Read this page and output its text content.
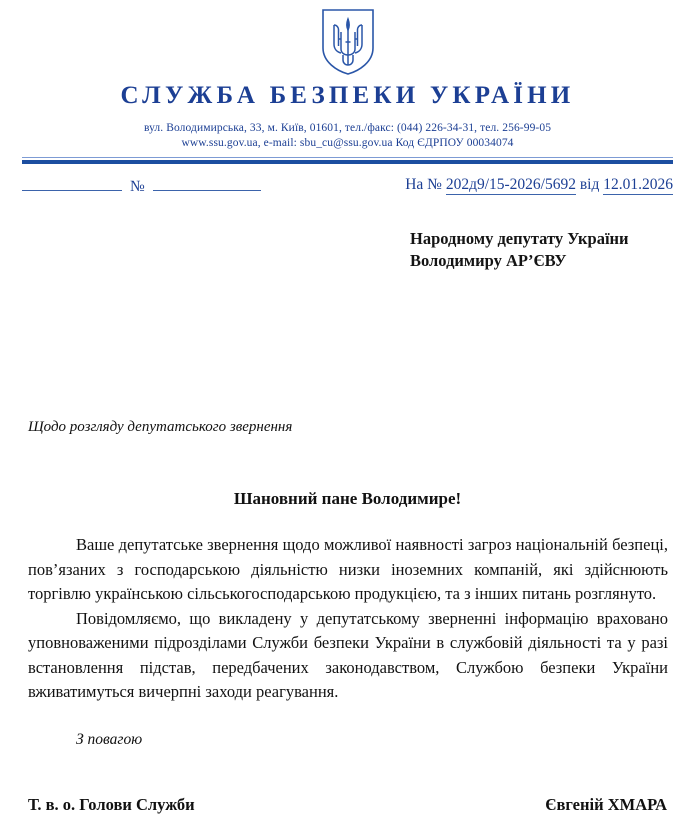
СЛУЖБА БЕЗПЕКИ УКРАЇНИ
вул. Володимирська, 33, м. Київ, 01601, тел./факс: (044) 226-34-31, тел. 256-99-05
www.ssu.gov.ua, e-mail: sbu_cu@ssu.gov.ua Код ЄДРПОУ 00034074
№	На № 202д9/15-2026/5692 від 12.01.2026
Народному депутату України
Володимиру АР’ЄВУ
Щодо розгляду депутатського звернення
Шановний пане Володимире!

Ваше депутатське звернення щодо можливої наявності загроз національній безпеці, пов’язаних з господарською діяльністю низки іноземних компаній, які здійснюють торгівлю українською сільськогосподарською продукцією, та з інших питань розглянуто.

Повідомляємо, що викладену у депутатському зверненні інформацію враховано уповноваженими підрозділами Служби безпеки України в службовій діяльності та у разі встановлення підстав, передбачених законодавством, Службою безпеки України вживатимуться вичерпні заходи реагування.

З повагою
Т. в. о. Голови Служби	Євгеній ХМАРА
